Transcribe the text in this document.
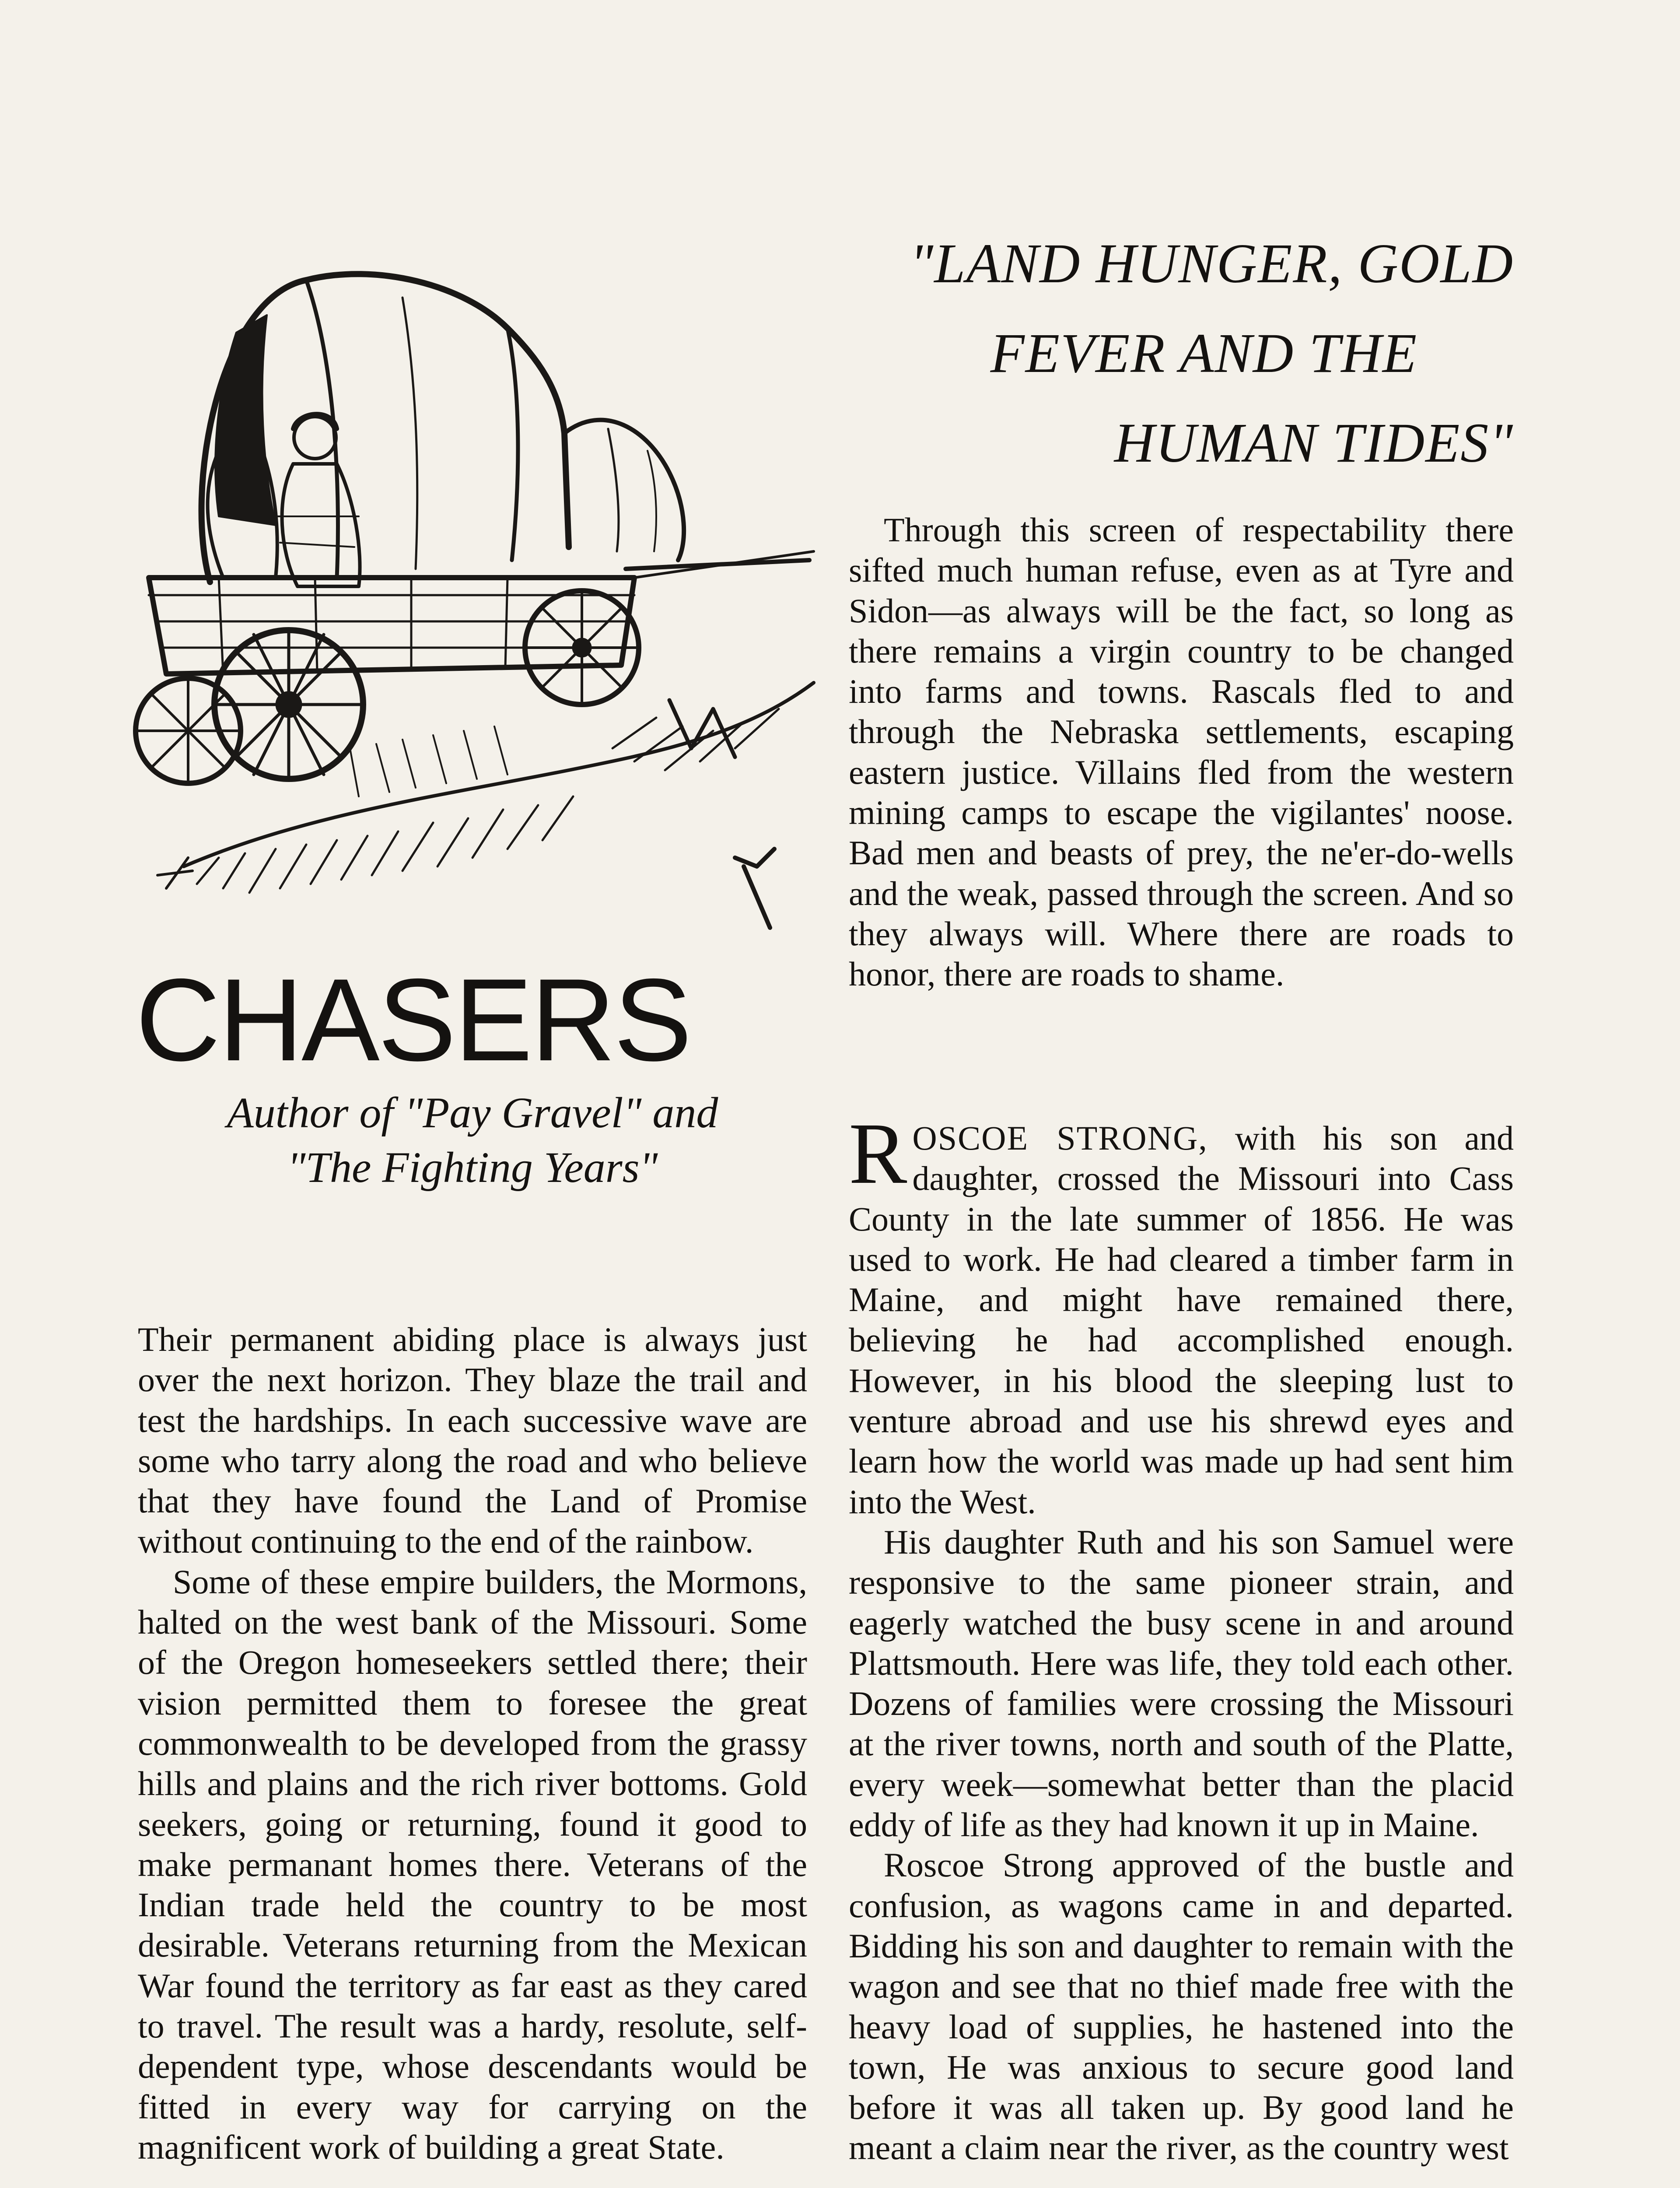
"LAND HUNGER, GOLD
FEVER AND THE
HUMAN TIDES"
CHASERS
Author of "Pay Gravel" and
"The Fighting Years"

Through this screen of respectability there sifted much human refuse, even as at Tyre and Sidon—as always will be the fact, so long as there remains a virgin country to be changed into farms and towns. Rascals fled to and through the Nebraska settlements, escaping eastern justice. Villains fled from the western mining camps to escape the vigilantes' noose. Bad men and beasts of prey, the ne'er-do-wells and the weak, passed through the screen. And so they always will. Where there are roads to honor, there are roads to shame.

Their permanent abiding place is always just over the next horizon. They blaze the trail and test the hardships. In each successive wave are some who tarry along the road and who believe that they have found the Land of Promise without continuing to the end of the rainbow.

Some of these empire builders, the Mormons, halted on the west bank of the Missouri. Some of the Oregon homeseekers settled there; their vision permitted them to foresee the great commonwealth to be developed from the grassy hills and plains and the rich river bottoms. Gold seekers, going or returning, found it good to make permanant homes there. Veterans of the Indian trade held the country to be most desirable. Veterans returning from the Mexican War found the territory as far east as they cared to travel. The result was a hardy, resolute, self-dependent type, whose descendants would be fitted in every way for carrying on the magnificent work of building a great State.

ROSCOE STRONG, with his son and daughter, crossed the Missouri into Cass County in the late summer of 1856. He was used to work. He had cleared a timber farm in Maine, and might have remained there, believing he had accomplished enough. However, in his blood the sleeping lust to venture abroad and use his shrewd eyes and learn how the world was made up had sent him into the West.

His daughter Ruth and his son Samuel were responsive to the same pioneer strain, and eagerly watched the busy scene in and around Plattsmouth. Here was life, they told each other. Dozens of families were crossing the Missouri at the river towns, north and south of the Platte, every week—somewhat better than the placid eddy of life as they had known it up in Maine.

Roscoe Strong approved of the bustle and confusion, as wagons came in and departed. Bidding his son and daughter to remain with the wagon and see that no thief made free with the heavy load of supplies, he hastened into the town, He was anxious to secure good land before it was all taken up. By good land he meant a claim near the river, as the country west
